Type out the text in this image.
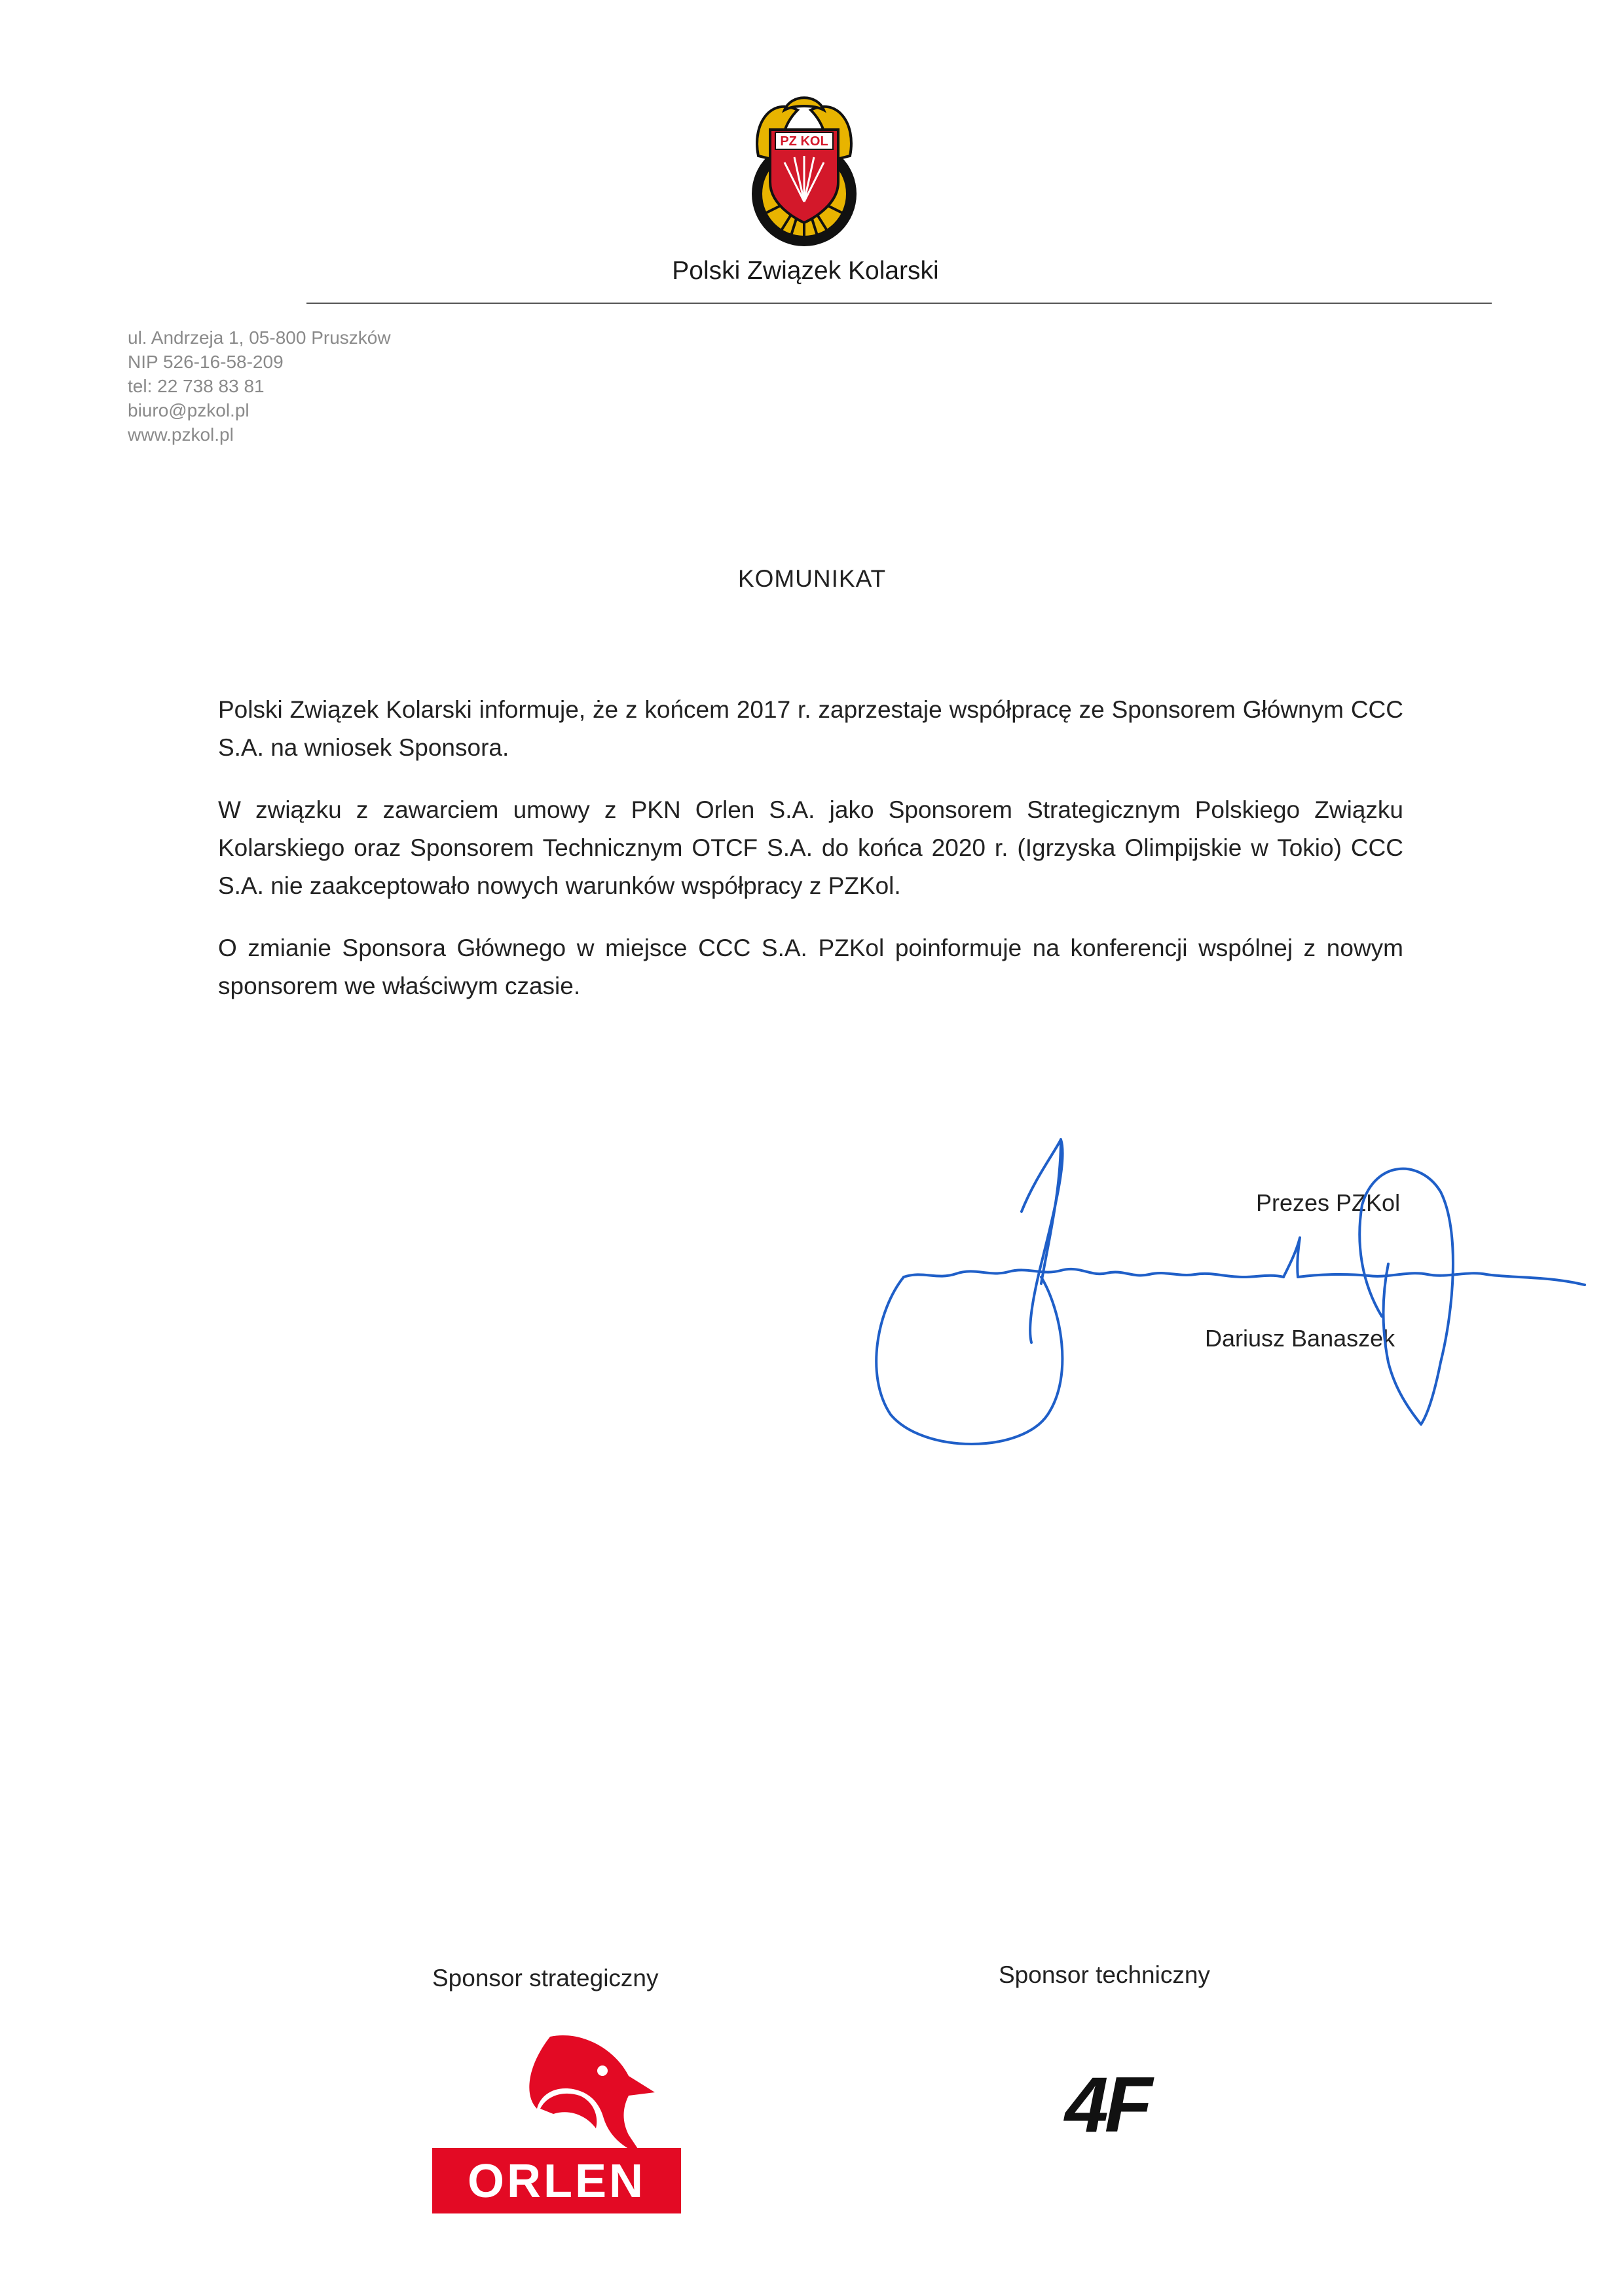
PZ KOL
Polski Związek Kolarski
ul. Andrzeja 1, 05-800 Pruszków
NIP 526-16-58-209
tel: 22 738 83 81
biuro@pzkol.pl
www.pzkol.pl
KOMUNIKAT

Polski Związek Kolarski informuje, że z końcem 2017 r. zaprzestaje współpracę ze Sponsorem Głównym CCC S.A. na wniosek Sponsora.

W związku z zawarciem umowy z PKN Orlen S.A. jako Sponsorem Strategicznym Polskiego Związku Kolarskiego oraz Sponsorem Technicznym OTCF S.A. do końca 2020 r. (Igrzyska Olimpijskie w Tokio) CCC S.A. nie zaakceptowało nowych warunków współpracy z PZKol.

O zmianie Sponsora Głównego w miejsce CCC S.A. PZKol poinformuje na konferencji wspólnej z nowym sponsorem we właściwym czasie.

Prezes PZKol
Dariusz Banaszek
Sponsor strategiczny	Sponsor techniczny
ORLEN
4F
